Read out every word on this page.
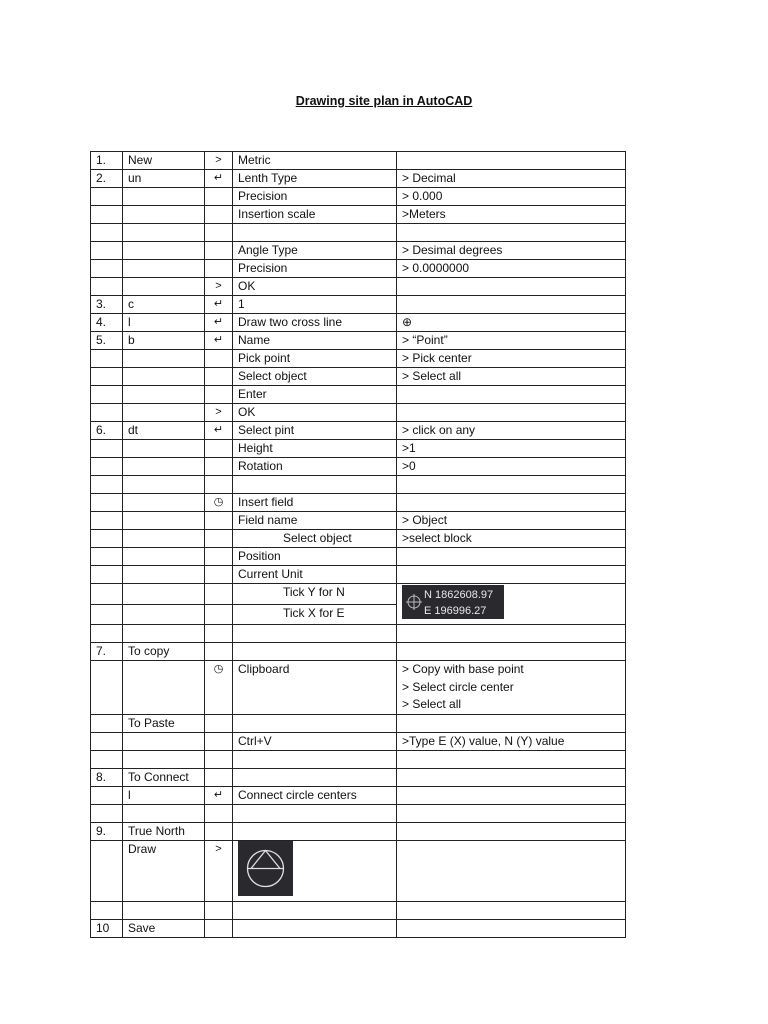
Drawing site plan in AutoCAD
1.	New	>	Metric	
2.	un	↵	Lenth Type	> Decimal
			Precision	> 0.000
			Insertion scale	>Meters

			Angle Type	> Desimal degrees
			Precision	> 0.0000000
		>	OK	
3.	c	↵	1	
4.	l	↵	Draw two cross line	⊕
5.	b	↵	Name	> “Point”
			Pick point	> Pick center
			Select object	> Select all
			Enter	
		>	OK	
6.	dt	↵	Select pint	> click on any
			Height	>1
			Rotation	>0

		◷	Insert field	
			Field name	> Object
			Select object	>select block
			Position	
			Current Unit	
			Tick Y for N	N 1862608.97
E 196996.27

			Tick X for E	

7.	To copy			
		◷	Clipboard	> Copy with base point
> Select circle center
> Select all

	To Paste			
			Ctrl+V	>Type E (X) value, N (Y) value

8.	To Connect			
	l	↵	Connect circle centers	

9.	True North			
	Draw	>	

10	Save			
